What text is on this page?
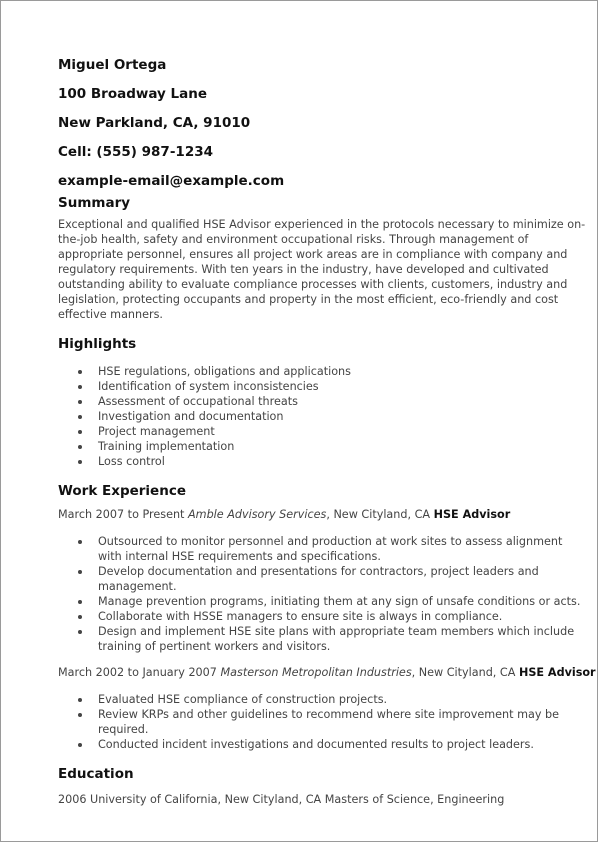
Miguel Ortega
100 Broadway Lane
New Parkland, CA, 91010
Cell: (555) 987-1234
example-email@example.com
Summary

Exceptional and qualified HSE Advisor experienced in the protocols necessary to minimize on-the-job health, safety and environment occupational risks. Through management of appropriate personnel, ensures all project work areas are in compliance with company and regulatory requirements. With ten years in the industry, have developed and cultivated outstanding ability to evaluate compliance processes with clients, customers, industry and legislation, protecting occupants and property in the most efficient, eco-friendly and cost effective manners.

Highlights
HSE regulations, obligations and applications
Identification of system inconsistencies
Assessment of occupational threats
Investigation and documentation
Project management
Training implementation
Loss control
Work Experience
March 2007 to Present Amble Advisory Services, New Cityland, CA HSE Advisor
Outsourced to monitor personnel and production at work sites to assess alignment with internal HSE requirements and specifications.
Develop documentation and presentations for contractors, project leaders and management.
Manage prevention programs, initiating them at any sign of unsafe conditions or acts.
Collaborate with HSSE managers to ensure site is always in compliance.
Design and implement HSE site plans with appropriate team members which include training of pertinent workers and visitors.
March 2002 to January 2007 Masterson Metropolitan Industries, New Cityland, CA HSE Advisor
Evaluated HSE compliance of construction projects.
Review KRPs and other guidelines to recommend where site improvement may be required.
Conducted incident investigations and documented results to project leaders.
Education
2006 University of California, New Cityland, CA Masters of Science, Engineering
